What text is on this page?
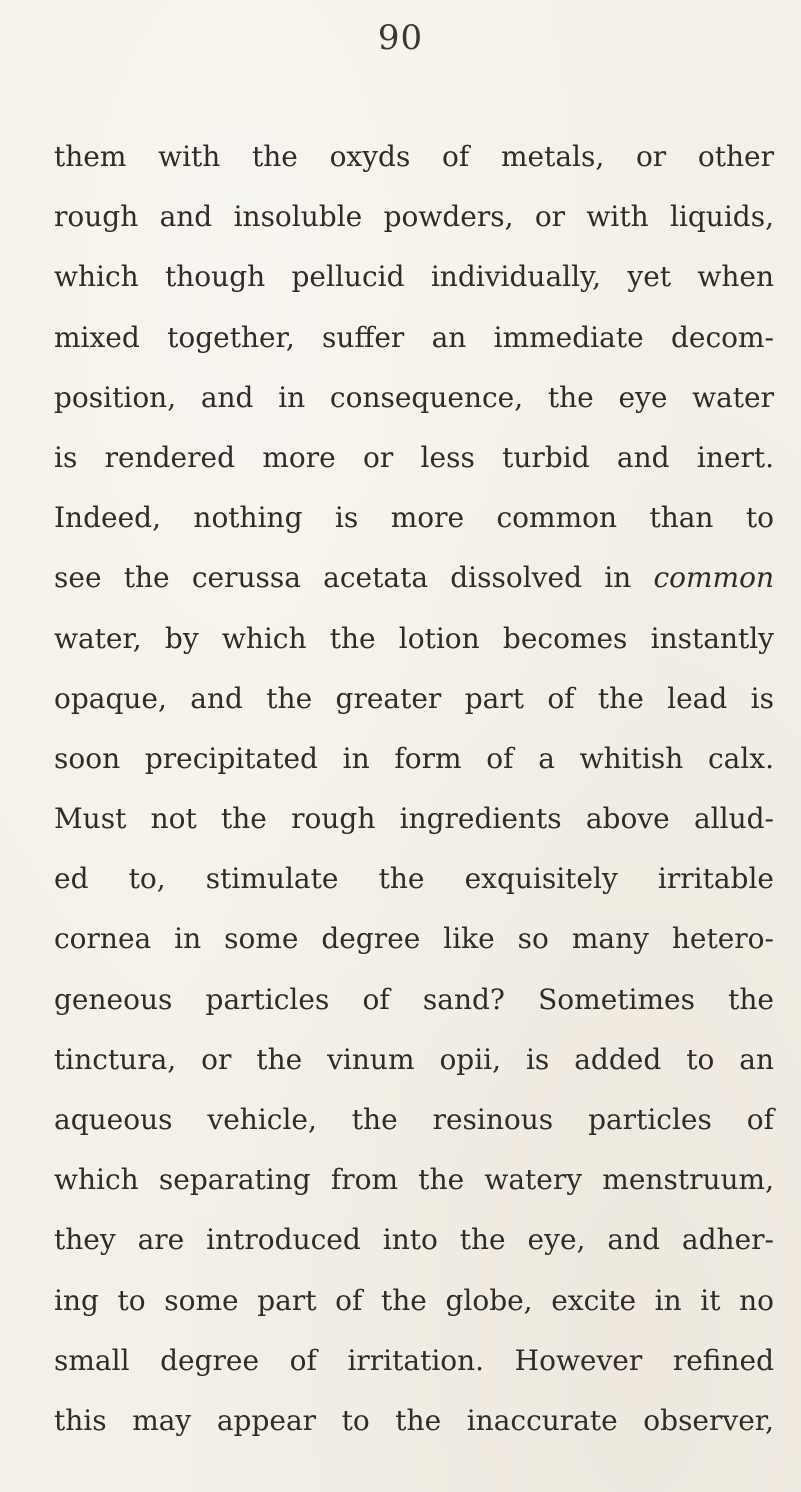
90
them with the oxyds of metals, or other
rough and insoluble powders, or with liquids,
which though pellucid individually, yet when
mixed together, suffer an immediate decom-
position, and in consequence, the eye water
is rendered more or less turbid and inert.
Indeed, nothing is more common than to
see the cerussa acetata dissolved in common
water, by which the lotion becomes instantly
opaque, and the greater part of the lead is
soon precipitated in form of a whitish calx.
Must not the rough ingredients above allud-
ed to, stimulate the exquisitely irritable
cornea in some degree like so many hetero-
geneous particles of sand? Sometimes the
tinctura, or the vinum opii, is added to an
aqueous vehicle, the resinous particles of
which separating from the watery menstruum,
they are introduced into the eye, and adher-
ing to some part of the globe, excite in it no
small degree of irritation. However refined
this may appear to the inaccurate observer,
